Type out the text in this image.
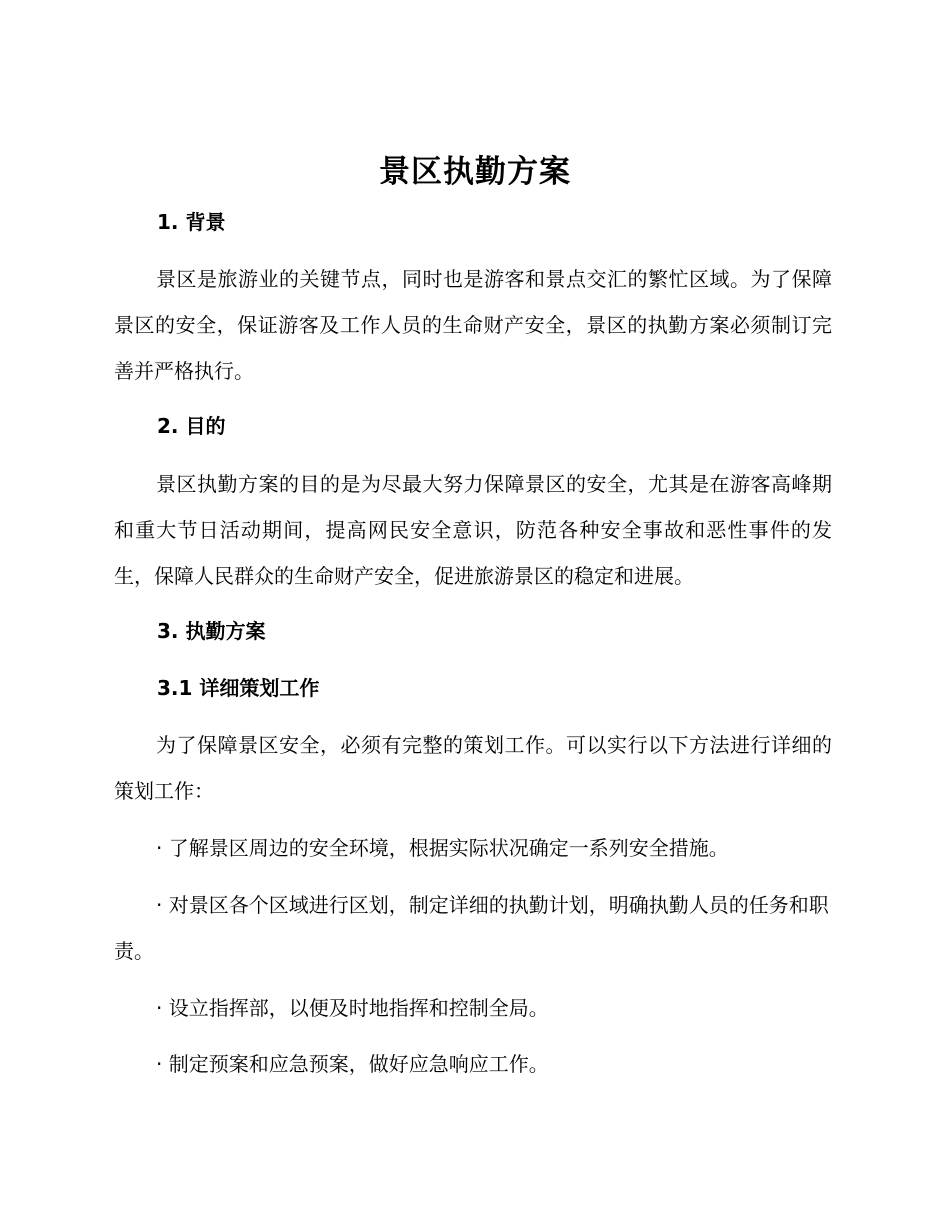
景区执勤方案
1. 背景

景区是旅游业的关键节点，同时也是游客和景点交汇的繁忙区域。为了保障景区的安全，保证游客及工作人员的生命财产安全，景区的执勤方案必须制订完善并严格执行。

2. 目的

景区执勤方案的目的是为尽最大努力保障景区的安全，尤其是在游客高峰期和重大节日活动期间，提高网民安全意识，防范各种安全事故和恶性事件的发生，保障人民群众的生命财产安全，促进旅游景区的稳定和进展。

3. 执勤方案
3.1 详细策划工作

为了保障景区安全，必须有完整的策划工作。可以实行以下方法进行详细的策划工作：

· 了解景区周边的安全环境，根据实际状况确定一系列安全措施。

· 对景区各个区域进行区划，制定详细的执勤计划，明确执勤人员的任务和职责。

· 设立指挥部，以便及时地指挥和控制全局。

· 制定预案和应急预案，做好应急响应工作。
